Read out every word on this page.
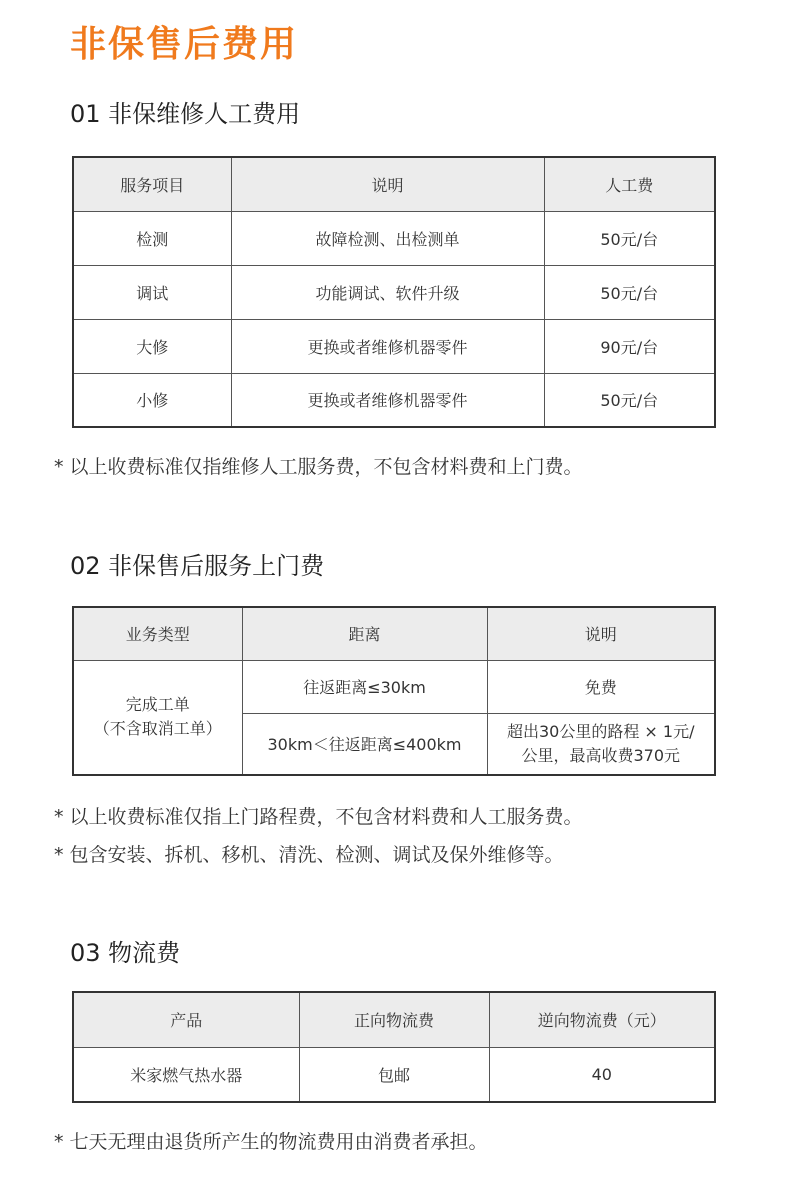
非保售后费用
01 非保维修人工费用
服务项目	说明	人工费
检测	故障检测、出检测单	50元/台
调试	功能调试、软件升级	50元/台
大修	更换或者维修机器零件	90元/台
小修	更换或者维修机器零件	50元/台
* 以上收费标准仅指维修人工服务费，不包含材料费和上门费。
02 非保售后服务上门费
业务类型	距离	说明

完成工单
（不含取消工单）	往返距离≤30km	免费
	30km＜往返距离≤400km	超出30公里的路程 × 1元/
公里，最高收费370元
* 以上收费标准仅指上门路程费，不包含材料费和人工服务费。
* 包含安装、拆机、移机、清洗、检测、调试及保外维修等。
03 物流费
产品	正向物流费	逆向物流费（元）
米家燃气热水器	包邮	40
* 七天无理由退货所产生的物流费用由消费者承担。
